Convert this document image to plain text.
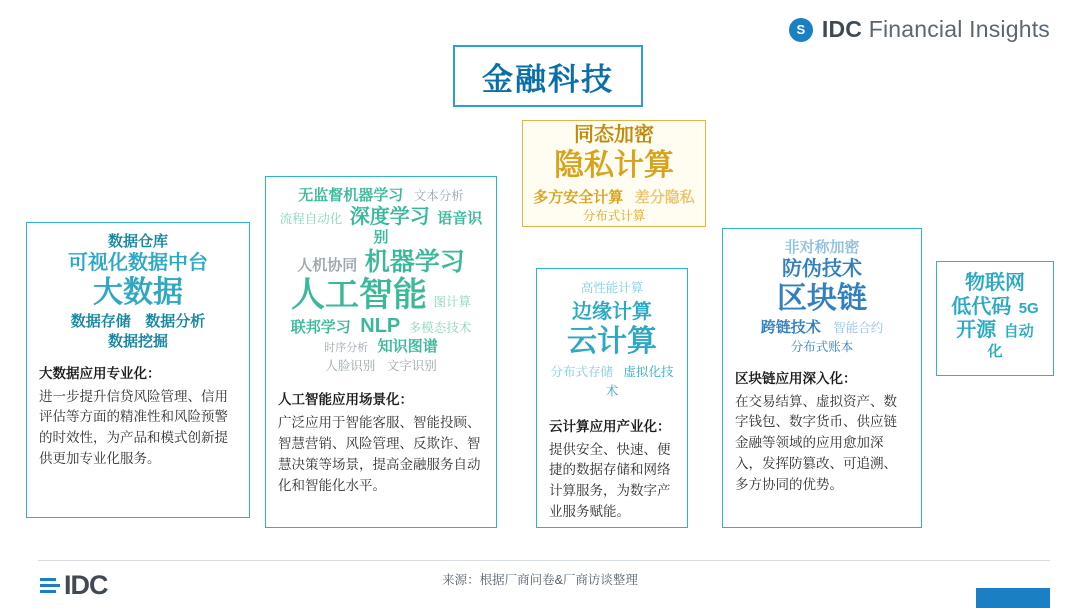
S IDC Financial Insights
金融科技
同态加密
隐私计算
多方安全计算 差分隐私
分布式计算
数据仓库
可视化数据中台
大数据
数据存储 数据分析
数据挖掘
大数据应用专业化：
进一步提升信贷风险管理、信用评估等方面的精准性和风险预警的时效性，为产品和模式创新提供更加专业化服务。
无监督机器学习 文本分析
流程自动化 深度学习 语音识别
人机协同 机器学习
人工智能 图计算
联邦学习 NLP 多模态技术
时序分析 知识图谱
人脸识别 文字识别
人工智能应用场景化：
广泛应用于智能客服、智能投顾、智慧营销、风险管理、反欺诈、智慧决策等场景，提高金融服务自动化和智能化水平。
高性能计算
边缘计算
云计算
分布式存储 虚拟化技术
云计算应用产业化：
提供安全、快速、便捷的数据存储和网络计算服务，为数字产业服务赋能。
非对称加密
防伪技术
区块链
跨链技术 智能合约
分布式账本
区块链应用深入化：
在交易结算、虚拟资产、数字钱包、数字货币、供应链金融等领域的应用愈加深入，发挥防篡改、可追溯、多方协同的优势。
物联网
低代码 5G
开源 自动化
IDC	来源：根据厂商问卷&厂商访谈整理
